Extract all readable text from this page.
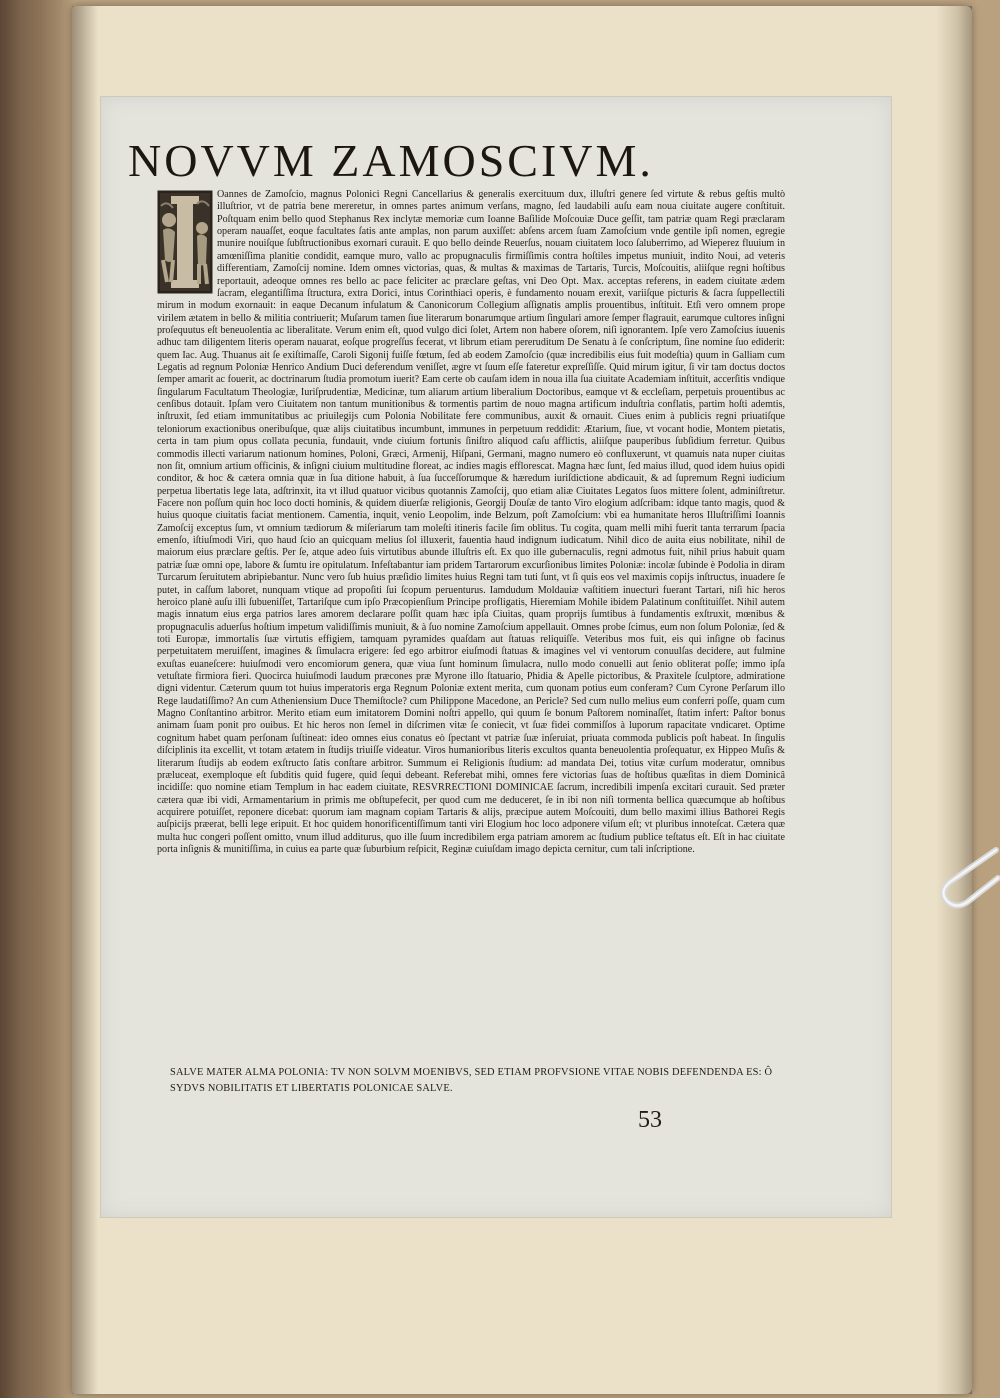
NOVVM ZAMOSCIVM.

Oannes de Zamoſcio, magnus Polonici Regni Cancellarius & generalis exercituum dux, illuſtri genere ſed virtute & rebus geſtis multò illuſtrior, vt de patria bene mereretur, in omnes partes animum verſans, magno, ſed laudabili auſu eam noua ciuitate augere conſtituit. Poſtquam enim bello quod Stephanus Rex inclytæ memoriæ cum Ioanne Baſilide Moſcouiæ Duce geſſit, tam patriæ quam Regi præclaram operam nauaſſet, eoque facultates ſatis ante amplas, non parum auxiſſet: abſens arcem ſuam Zamoſcium vnde gentile ipſi nomen, egregie munire nouiſque ſubſtructionibus exornari curauit. E quo bello deinde Reuerſus, nouam ciuitatem loco ſaluberrimo, ad Wieperez fluuium in amœniſſima planitie condidit, eamque muro, vallo ac propugnaculis firmiſſimis contra hoſtiles impetus muniuit, indito Noui, ad veteris differentiam, Zamoſcij nomine. Idem omnes victorias, quas, & multas & maximas de Tartaris, Turcis, Moſcouitis, aliiſque regni hoſtibus reportauit, adeoque omnes res bello ac pace feliciter ac præclare geſtas, vni Deo Opt. Max. acceptas referens, in eadem ciuitate ædem ſacram, elegantiſſima ſtructura, extra Dorici, intus Corinthiaci operis, è fundamento nouam erexit, variiſque picturis & ſacra ſuppellectili mirum in modum exornauit: in eaque Decanum infulatum & Canonicorum Collegium aſſignatis amplis prouentibus, inſtituit. Etſi vero omnem prope virilem ætatem in bello & militia contriuerit; Muſarum tamen ſiue literarum bonarumque artium ſingulari amore ſemper flagrauit, earumque cultores inſigni proſequutus eſt beneuolentia ac liberalitate. Verum enim eſt, quod vulgo dici ſolet, Artem non habere oſorem, niſi ignorantem. Ipſe vero Zamoſcius iuuenis adhuc tam diligentem literis operam nauarat, eoſque progreſſus fecerat, vt librum etiam pereruditum De Senatu à ſe conſcriptum, ſine nomine ſuo ediderit: quem Iac. Aug. Thuanus ait ſe exiſtimaſſe, Caroli Sigonij fuiſſe fœtum, ſed ab eodem Zamoſcio (quæ incredibilis eius fuit modeſtia) quum in Galliam cum Legatis ad regnum Poloniæ Henrico Andium Duci deferendum veniſſet, ægre vt ſuum eſſe fateretur expreſſiſſe. Quid mirum igitur, ſi vir tam doctus doctos ſemper amarit ac fouerit, ac doctrinarum ſtudia promotum iuerit? Eam certe ob cauſam idem in noua illa ſua ciuitate Academiam inſtituit, accerſitis vndique ſingularum Facultatum Theologiæ, Iuriſprudentiæ, Medicinæ, tum aliarum artium liberalium Doctoribus, eamque vt & eccleſiam, perpetuis prouentibus ac cenſibus dotauit. Ipſam vero Ciuitatem non tantum munitionibus & tormentis partim de nouo magna artificum induſtria conflatis, partim hoſti ademtis, inſtruxit, ſed etiam immunitatibus ac priuilegijs cum Polonia Nobilitate fere communibus, auxit & ornauit. Ciues enim à publicis regni priuatiſque teloniorum exactionibus oneribuſque, quæ alijs ciuitatibus incumbunt, immunes in perpetuum reddidit: Ætarium, ſiue, vt vocant hodie, Montem pietatis, certa in tam pium opus collata pecunia, fundauit, vnde ciuium fortunis ſiniſtro aliquod caſu afflictis, aliiſque pauperibus ſubſidium ferretur. Quibus commodis illecti variarum nationum homines, Poloni, Græci, Armenij, Hiſpani, Germani, magno numero eò confluxerunt, vt quamuis nata nuper ciuitas non ſit, omnium artium officinis, & inſigni ciuium multitudine floreat, ac indies magis efflorescat. Magna hæc ſunt, ſed maius illud, quod idem huius opidi conditor, & hoc & cætera omnia quæ in ſua ditione habuit, à ſua ſucceſſorumque & hæredum iuriſdictione abdicauit, & ad ſupremum Regni iudicium perpetua libertatis lege lata, adſtrinxit, ita vt illud quatuor vicibus quotannis Zamoſcij, quo etiam aliæ Ciuitates Legatos ſuos mittere ſolent, adminiſtretur. Facere non poſſum quin hoc loco docti hominis, & quidem diuerſæ religionis, Georgij Douſæ de tanto Viro elogium adſcribam: idque tanto magis, quod & huius quoque ciuitatis faciat mentionem. Camentia, inquit, venio Leopolim, inde Belzum, poſt Zamoſcium: vbi ea humanitate heros Illuſtriſſimi Ioannis Zamoſcij exceptus ſum, vt omnium tædiorum & miſeriarum tam moleſti itineris facile ſim oblitus. Tu cogita, quam melli mihi fuerit tanta terrarum ſpacia emenſo, iſtiuſmodi Viri, quo haud ſcio an quicquam melius ſol illuxerit, fauentia haud indignum iudicatum. Nihil dico de auita eius nobilitate, nihil de maiorum eius præclare geſtis. Per ſe, atque adeo ſuis virtutibus abunde illuſtris eſt. Ex quo ille gubernaculis, regni admotus fuit, nihil prius habuit quam patriæ ſuæ omni ope, labore & ſumtu ire opitulatum. Infeſtabantur iam pridem Tartarorum excurſionibus limites Poloniæ: incolæ ſubinde è Podolia in diram Turcarum ſeruitutem abripiebantur. Nunc vero ſub huius præſidio limites huius Regni tam tuti ſunt, vt ſi quis eos vel maximis copijs inſtructus, inuadere ſe putet, in caſſum laboret, nunquam vtique ad propoſiti ſui ſcopum peruenturus. Iamdudum Moldauiæ vaſtitiem inuecturi fuerant Tartari, niſi hic heros heroico planè auſu illi ſubueniſſet, Tartariſque cum ipſo Præcopienſium Principe profligatis, Hieremiam Mohile ibidem Palatinum conſtituiſſet. Nihil autem magis innatum eius erga patrios lares amorem declarare poſſit quam hæc ipſa Ciuitas, quam proprijs ſumtibus à fundamentis exſtruxit, mœnibus & propugnaculis aduerſus hoſtium impetum validiſſimis muniuit, & à ſuo nomine Zamoſcium appellauit. Omnes probe ſcimus, eum non ſolum Poloniæ, ſed & toti Europæ, immortalis ſuæ virtutis effigiem, tamquam pyramides quaſdam aut ſtatuas reliquiſſe. Veteribus mos fuit, eis qui inſigne ob facinus perpetuitatem meruiſſent, imagines & ſimulacra erigere: ſed ego arbitror eiuſmodi ſtatuas & imagines vel vi ventorum conuulſas decidere, aut fulmine exuſtas euaneſcere: huiuſmodi vero encomiorum genera, quæ viua ſunt hominum ſimulacra, nullo modo conuelli aut ſenio obliterat poſſe; immo ipſa vetuſtate firmiora fieri. Quocirca huiuſmodi laudum præcones præ Myrone illo ſtatuario, Phidia & Apelle pictoribus, & Praxitele ſculptore, admiratione digni videntur. Cæterum quum tot huius imperatoris erga Regnum Poloniæ extent merita, cum quonam potius eum conferam? Cum Cyrone Perſarum illo Rege laudatiſſimo? An cum Atheniensium Duce Themiſtocle? cum Philippone Macedone, an Pericle? Sed cum nullo melius eum conferri poſſe, quam cum Magno Conſtantino arbitror. Merito etiam eum imitatorem Domini noſtri appello, qui quum ſe bonum Paſtorem nominaſſet, ſtatim infert: Paſtor bonus animam ſuam ponit pro ouibus. Et hic heros non ſemel in diſcrimen vitæ ſe coniecit, vt ſuæ fidei commiſſos à luporum rapacitate vndicaret. Optime cognitum habet quam perſonam ſuſtineat: ideo omnes eius conatus eò ſpectant vt patriæ ſuæ inſeruiat, priuata commoda publicis poſt habeat. In ſingulis diſciplinis ita excellit, vt totam ætatem in ſtudijs triuiſſe videatur. Viros humanioribus literis excultos quanta beneuolentia proſequatur, ex Hippeo Muſis & literarum ſtudijs ab eodem exſtructo ſatis conſtare arbitror. Summum ei Religionis ſtudium: ad mandata Dei, totius vitæ curſum moderatur, omnibus præluceat, exemploque eſt ſubditis quid fugere, quid ſequi debeant. Referebat mihi, omnes fere victorias ſuas de hoſtibus quæſitas in diem Dominicâ incidiſſe: quo nomine etiam Templum in hac eadem ciuitate, RESVRRECTIONI DOMINICAE ſacrum, incredibili impenſa excitari curauit. Sed præter cætera quæ ibi vidi, Armamentarium in primis me obſtupefecit, per quod cum me deduceret, ſe in ibi non niſi tormenta bellica quæcumque ab hoſtibus acquirere potuiſſet, reponere dicebat: quorum iam magnam copiam Tartaris & alijs, præcipue autem Moſcouiti, dum bello maximi illius Bathorei Regis auſpicijs præerat, belli lege eripuit. Et hoc quidem honorificentiſſimum tanti viri Elogium hoc loco adponere viſum eſt; vt pluribus innoteſcat. Cætera quæ multa huc congeri poſſent omitto, vnum illud additurus, quo ille ſuum incredibilem erga patriam amorem ac ſtudium publice teſtatus eſt. Eſt in hac ciuitate porta inſignis & munitiſſima, in cuius ea parte quæ ſuburbium reſpicit, Reginæ cuiuſdam imago depicta cernitur, cum tali inſcriptione.

SALVE MATER ALMA POLONIA: TV NON SOLVM MOENIBVS, SED ETIAM PROFVSIONE VITAE NOBIS DEFENDENDA ES: Ô SYDVS NOBILITATIS ET LIBERTATIS POLONICAE SALVE.

53
